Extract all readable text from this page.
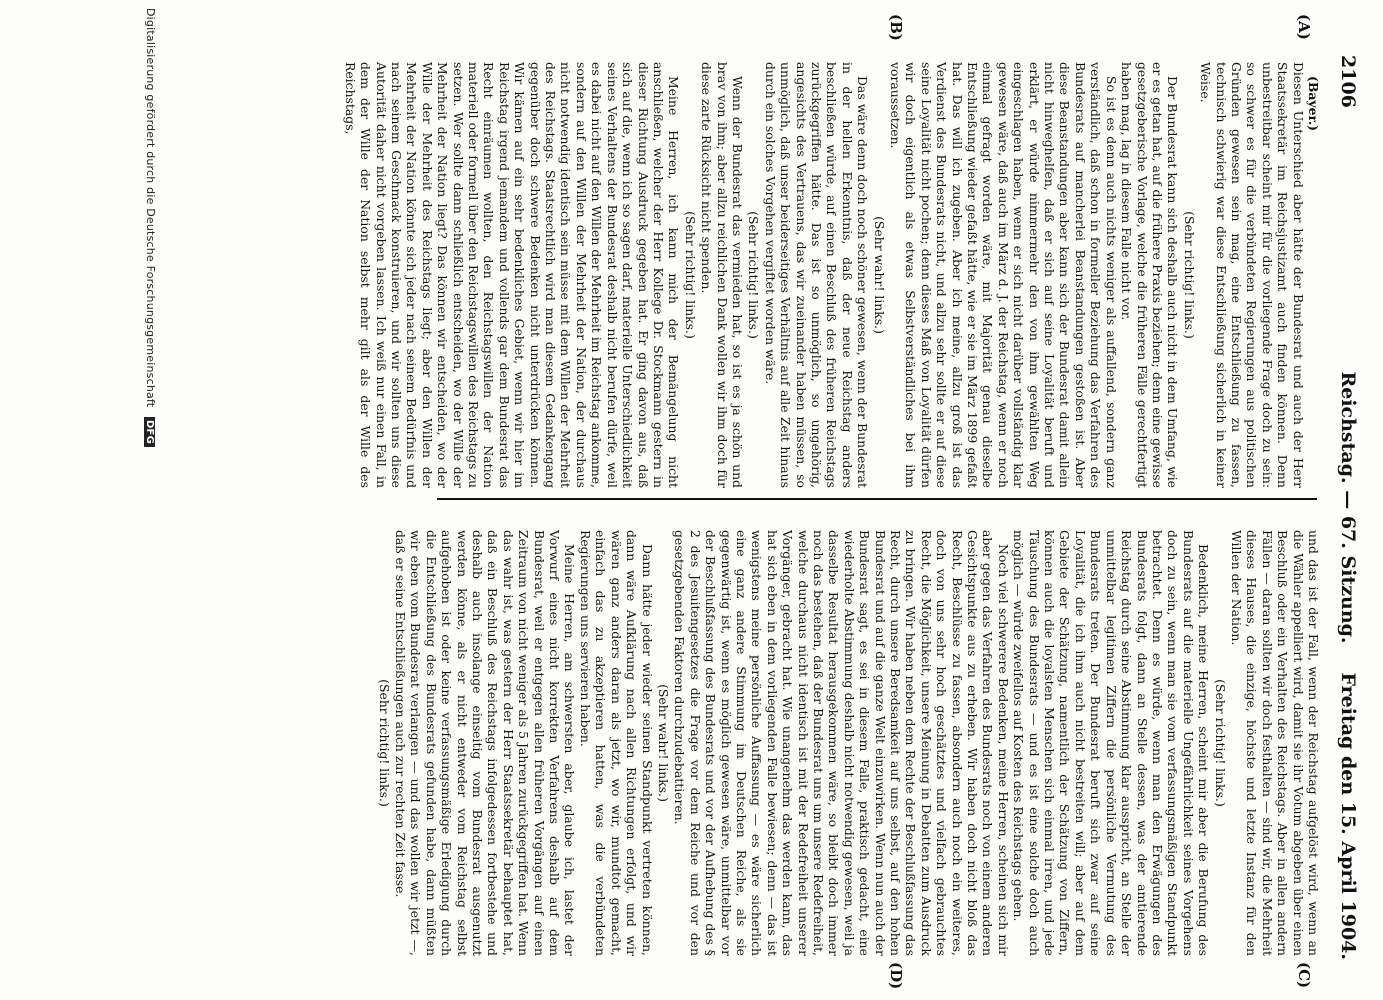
2106
Reichstag. — 67. Sitzung.
Freitag den 15. April 1904.
(A)
(B)
(C)
(D)

(Bayer.)

Diesen Unterschied aber hätte der Bundesrat und auch der Herr Staatssekretär im Reichsjustizamt auch finden können. Denn unbestreitbar scheint mir für die vorliegende Frage doch zu sein: so schwer es für die verbündeten Regierungen aus politischen Gründen gewesen sein mag, eine Entschließung zu fassen, technisch schwierig war diese Entschließung sicherlich in keiner Weise.

(Sehr richtig! links.)

Der Bundesrat kann sich deshalb auch nicht in dem Umfang, wie er es getan hat, auf die frühere Praxis beziehen; denn eine gewisse gesetzgeberische Vorlage, welche die früheren Fälle gerechtfertigt haben mag, lag in diesem Falle nicht vor.

So ist es denn auch nichts weniger als auffallend, sondern ganz verständlich, daß schon in formeller Beziehung das Verfahren des Bundesrats auf mancherlei Beanstandungen gestoßen ist. Aber diese Beanstandungen aber kann sich der Bundesrat damit allein nicht hinweghelfen, daß er sich auf seine Loyalität beruft und erklärt, er würde nimmermehr den von ihm gewählten Weg eingeschlagen haben, wenn er sich nicht darüber vollständig klar gewesen wäre, daß auch im März d. J. der Reichstag, wenn er noch einmal gefragt worden wäre, mit Majorität genau dieselbe Entschließung wieder gefaßt hätte, wie er sie im März 1899 gefaßt hat. Das will ich zugeben. Aber ich meine, allzu groß ist das Verdienst des Bundesrats nicht, und allzu sehr sollte er auf diese seine Loyalität nicht pochen; denn dieses Maß von Loyalität dürfen wir doch eigentlich als etwas Selbstverständliches bei ihm voraussetzen.

(Sehr wahr! links.)

Das wäre denn doch noch schöner gewesen, wenn der Bundesrat in der hellen Erkenntnis, daß der neue Reichstag anders beschließen würde, auf einen Beschluß des früheren Reichstags zurückgegriffen hätte. Das ist so unmöglich, so ungehörig, angesichts des Vertrauens, das wir zueinander haben müssen, so unmöglich, daß unser beiderseitiges Verhältnis auf alle Zeit hinaus durch ein solches Vorgehen vergiftet worden wäre.

(Sehr richtig! links.)

Wenn der Bundesrat das vermieden hat, so ist es ja schön und brav von ihm; aber allzu reichlichen Dank wollen wir ihm doch für diese zarte Rücksicht nicht spenden.

(Sehr richtig! links.)

Meine Herren, ich kann mich der Bemängelung nicht anschließen, welcher der Herr Kollege Dr. Stockmann gestern in dieser Richtung Ausdruck gegeben hat. Er ging davon aus, daß sich auf die, wenn ich so sagen darf, materielle Unterschiedlichkeit seines Verhaltens der Bundesrat deshalb nicht berufen dürfe, weil es dabei nicht auf den Willen der Mehrheit im Reichstag ankomme, sondern auf den Willen der Mehrheit der Nation, der durchaus nicht notwendig identisch sein müsse mit dem Willen der Mehrheit des Reichstags. Staatsrechtlich wird man diesem Gedankengang gegenüber doch schwere Bedenken nicht unterdrücken können. Wir kämen auf ein sehr bedenkliches Gebiet, wenn wir hier im Reichstag irgend jemandem und vollends gar dem Bundesrat das Recht einräumen wollten, den Reichstagswillen der Nation materiell oder formell über den Reichstagswillen des Reichstags zu setzen. Wer sollte dann schließlich entscheiden, wo der Wille der Mehrheit der Nation liegt? Das können wir entscheiden, wo der Wille der Mehrheit des Reichstags liegt; aber den Willen der Mehrheit der Nation könnte sich jeder nach seinem Bedürfnis und nach seinem Geschmack konstruieren, und wir sollten uns diese Autorität daher nicht vorgeben lassen. Ich weiß nur einen Fall, in dem der Wille der Nation selbst mehr gilt als der Wille des Reichstags,

und das ist der Fall, wenn der Reichstag aufgelöst wird, wenn an die Wähler appelliert wird, damit sie ihr Votum abgeben über einen Beschluß oder ein Verhalten des Reichstags. Aber in allen andern Fällen — daran sollten wir doch festhalten — sind wir, die Mehrheit dieses Hauses, die einzige, höchste und letzte Instanz für den Willen der Nation.

(Sehr richtig! links.)

Bedenklich, meine Herren, scheint mir aber die Berufung des Bundesrats auf die materielle Ungefährlichkeit seines Vorgehens doch zu sein, wenn man sie vom verfassungsmäßigen Standpunkt betrachtet. Denn es würde, wenn man den Erwägungen des Bundesrats folgt, dann an Stelle dessen, was der amtierende Reichstag durch seine Abstimmung klar ausspricht, an Stelle der unmittelbar legitimen Ziffern die persönliche Vermutung des Bundesrats treten. Der Bundesrat beruft sich zwar auf seine Loyalität, die ich ihm auch nicht bestreiten will; aber auf dem Gebiete der Schätzung, namentlich der Schätzung von Ziffern, können auch die loyalsten Menschen sich einmal irren, und jede Täuschung des Bundesrats — und es ist eine solche doch auch möglich — würde zweifellos auf Kosten des Reichstags gehen.

Noch viel schwerere Bedenken, meine Herren, scheinen sich mir aber gegen das Verfahren des Bundesrats noch von einem anderen Gesichtspunkte aus zu erheben. Wir haben doch nicht bloß das Recht, Beschlüsse zu fassen, absondern auch noch ein weiteres, doch von uns sehr hoch geschätztes und vielfach gebrauchtes Recht, die Möglichkeit, unsere Meinung in Debatten zum Ausdruck zu bringen. Wir haben neben dem Rechte der Beschlußfassung das Recht, durch unsere Beredsamkeit auf uns selbst, auf den hohen Bundesrat und auf die ganze Welt einzuwirken. Wenn nun auch der Bundesrat sagt, es sei in diesem Falle, praktisch gedacht, eine wiederholte Abstimmung deshalb nicht notwendig gewesen, weil ja dasselbe Resultat herausgekommen wäre, so bleibt doch immer noch das bestehen, daß der Bundesrat uns um unsere Redefreiheit, welche durchaus nicht identisch ist mit der Redefreiheit unserer Vorgänger, gebracht hat. Wie unangenehm das werden kann, das hat sich eben in dem vorliegenden Falle bewiesen; denn — das ist wenigstens meine persönliche Auffassung — es wäre sicherlich eine ganz andere Stimmung im Deutschen Reiche, als sie gegenwärtig ist, wenn es möglich gewesen wäre, unmittelbar vor der Beschlußfassung des Bundesrats und vor der Aufhebung des § 2 des Jesuitengesetzes die Frage vor dem Reiche und vor den gesetzgebenden Faktoren durchzudebattieren.

(Sehr wahr! links.)

Dann hätte jeder wieder seinen Standpunkt vertreten können, dann wäre Aufklärung nach allen Richtungen erfolgt, und wir wären ganz anders daran als jetzt, wo wir, mundtot gemacht, einfach das zu akzeptieren hatten, was die verbündeten Regierungen uns servieren haben.

Meine Herren, am schwersten aber, glaube ich, lastet der Vorwurf eines nicht korrekten Verfahrens deshalb auf dem Bundesrat, weil er entgegen allen früheren Vorgängen auf einen Zeitraum von nicht weniger als 5 Jahren zurückgegriffen hat. Wenn das wahr ist, was gestern der Herr Staatssekretär behauptet hat, daß ein Beschluß des Reichstags infolgedessen fortbestehe und deshalb auch insolange einseitig vom Bundesrat ausgenutzt werden könne, als er nicht entweder vom Reichstag selbst aufgehoben ist oder keine verfassungsmäßige Erledigung durch die Entschließung des Bundesrats gefunden habe, dann müßten wir eben vom Bundesrat verlangen — und das wollen wir jetzt —, daß er seine Entschließungen auch zur rechten Zeit fasse.

(Sehr richtig! links.)

Digitalisierung gefördert durch die Deutsche Forschungsgemeinschaft DFG
